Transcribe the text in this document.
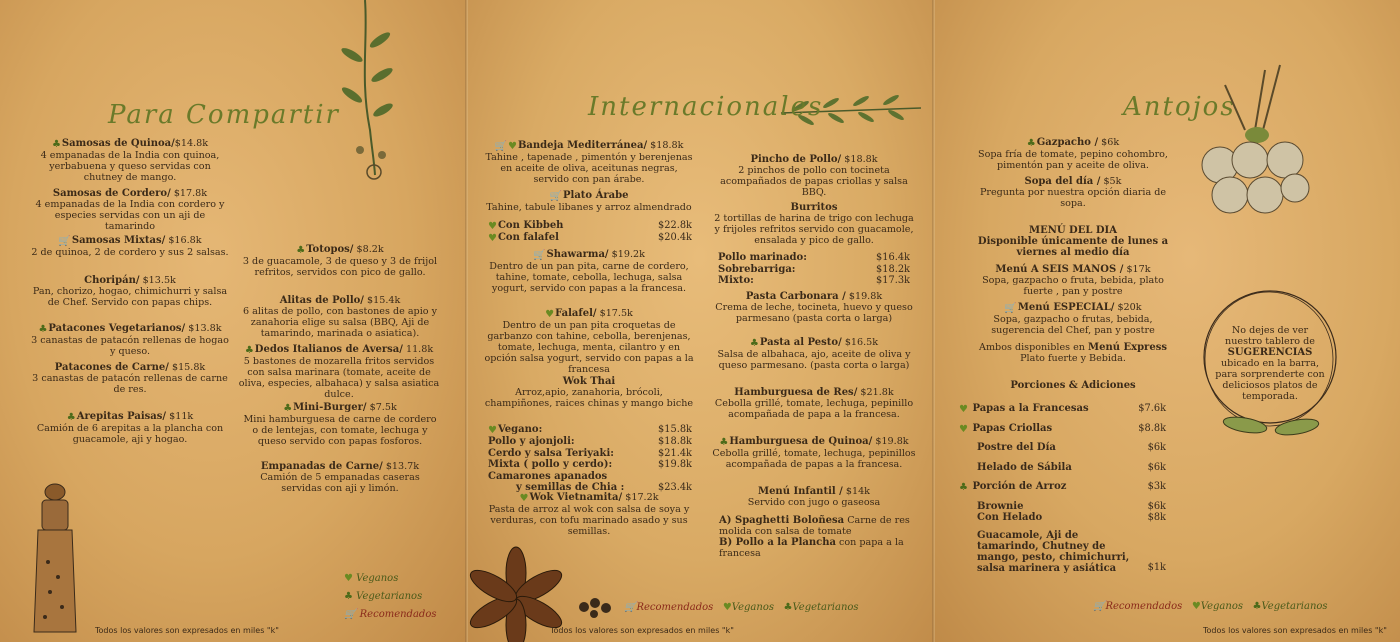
Para Compartir
♣Samosas de Quinoa/$14.8k
4 empanadas de la India con quinoa, yerbabuena y queso servidas con chutney de mango.
Samosas de Cordero/ $17.8k
4 empanadas de la India con cordero y especies servidas con un aji de tamarindo
🛒Samosas Mixtas/ $16.8k
2 de quinoa, 2 de cordero y sus 2 salsas.
Choripán/ $13.5k
Pan, chorizo, hogao, chimichurri y salsa de Chef. Servido con papas chips.
♣Patacones Vegetarianos/ $13.8k
3 canastas de patacón rellenas de hogao y queso.
Patacones de Carne/ $15.8k
3 canastas de patacón rellenas de carne de res.
♣Arepitas Paisas/ $11k
Camión de 6 arepitas a la plancha con guacamole, aji y hogao.
♣Totopos/ $8.2k
3 de guacamole, 3 de queso y 3 de frijol refritos, servidos con pico de gallo.
Alitas de Pollo/ $15.4k
6 alitas de pollo, con bastones de apio y zanahoria elige su salsa (BBQ, Aji de tamarindo, marinada o asiatica).
♣Dedos Italianos de Aversa/ 11.8k
5 bastones de mozarella fritos servidos con salsa marinara (tomate, aceite de oliva, especies, albahaca) y salsa asiatica dulce.
♣Mini-Burger/ $7.5k
Mini hamburguesa de carne de cordero o de lentejas, con tomate, lechuga y queso servido con papas fosforos.
Empanadas de Carne/ $13.7k
Camión de 5 empanadas caseras servidas con aji y limón.
♥ Veganos
♣ Vegetarianos
🛒 Recomendados
Todos los valores son expresados en miles "k"
Internacionales
🛒♥Bandeja Mediterránea/ $18.8k
Tahine , tapenade , pimentón y berenjenas en aceite de oliva, aceitunas negras, servido con pan árabe.
🛒Plato Árabe
Tahine, tabule libanes y arroz almendrado
♥Con Kibbeh	$22.8k
♥Con falafel	$20.4k
🛒Shawarma/ $19.2k
Dentro de un pan pita, carne de cordero, tahine, tomate, cebolla, lechuga, salsa yogurt, servido con papas a la francesa.
♥Falafel/ $17.5k
Dentro de un pan pita croquetas de garbanzo con tahine, cebolla, berenjenas, tomate, lechuga, menta, cilantro y en opción salsa yogurt, servido con papas a la francesa
Wok Thai
Arroz,apio, zanahoria, brócoli, champiñones, raices chinas y mango biche
♥Vegano:	$15.8k
Pollo y ajonjoli:	$18.8k
Cerdo y salsa Teriyaki:	$21.4k
Mixta ( pollo y cerdo):	$19.8k
Camarones apanados
y semillas de Chia :	$23.4k
♥Wok Vietnamita/ $17.2k
Pasta de arroz al wok con salsa de soya y verduras, con tofu marinado asado y sus semillas.
Pincho de Pollo/ $18.8k
2 pinchos de pollo con tocineta acompañados de papas criollas y salsa BBQ.
Burritos
2 tortillas de harina de trigo con lechuga y frijoles refritos servido con guacamole, ensalada y pico de gallo.
Pollo marinado:	$16.4k
Sobrebarriga:	$18.2k
Mixto:	$17.3k
Pasta Carbonara / $19.8k
Crema de leche, tocineta, huevo y queso parmesano (pasta corta o larga)
♣Pasta al Pesto/ $16.5k
Salsa de albahaca, ajo, aceite de oliva y queso parmesano. (pasta corta o larga)
Hamburguesa de Res/ $21.8k
Cebolla grillé, tomate, lechuga, pepinillo acompañada de papa a la francesa.
♣Hamburguesa de Quinoa/ $19.8k
Cebolla grillé, tomate, lechuga, pepinillos acompañada de papas a la francesa.
Menú Infantil / $14k
Servido con jugo o gaseosa
A) Spaghetti Boloñesa Carne de res molida con salsa de tomate
B) Pollo a la Plancha con papa a la francesa
🛒Recomendados ♥Veganos ♣Vegetarianos
Todos los valores son expresados en miles "k"
Antojos
♣Gazpacho / $6k
Sopa fría de tomate, pepino cohombro, pimentón pan y aceite de oliva.
Sopa del día / $5k
Pregunta por nuestra opción diaria de sopa.
MENÚ DEL DIA
Disponible únicamente de lunes a viernes al medio día
Menú A SEIS MANOS / $17k
Sopa, gazpacho o fruta, bebida, plato fuerte , pan y postre
🛒Menú ESPECIAL/ $20k
Sopa, gazpacho o frutas, bebida, sugerencia del Chef, pan y postre
Ambos disponibles en Menú Express
Plato fuerte y Bebida.
Porciones & Adiciones
♥ Papas a la Francesas	$7.6k
♥ Papas Criollas	$8.8k
Postre del Día	$6k
Helado de Sábila	$6k
♣ Porción de Arroz	$3k
Brownie	$6k
Con Helado	$8k
Guacamole, Aji de tamarindo, Chutney de mango, pesto, chimichurri, salsa marinera y asiática	$1k
No dejes de ver nuestro tablero de SUGERENCIAS ubicado en la barra, para sorprenderte con deliciosos platos de temporada.
🛒Recomendados ♥Veganos ♣Vegetarianos
Todos los valores son expresados en miles "k"
